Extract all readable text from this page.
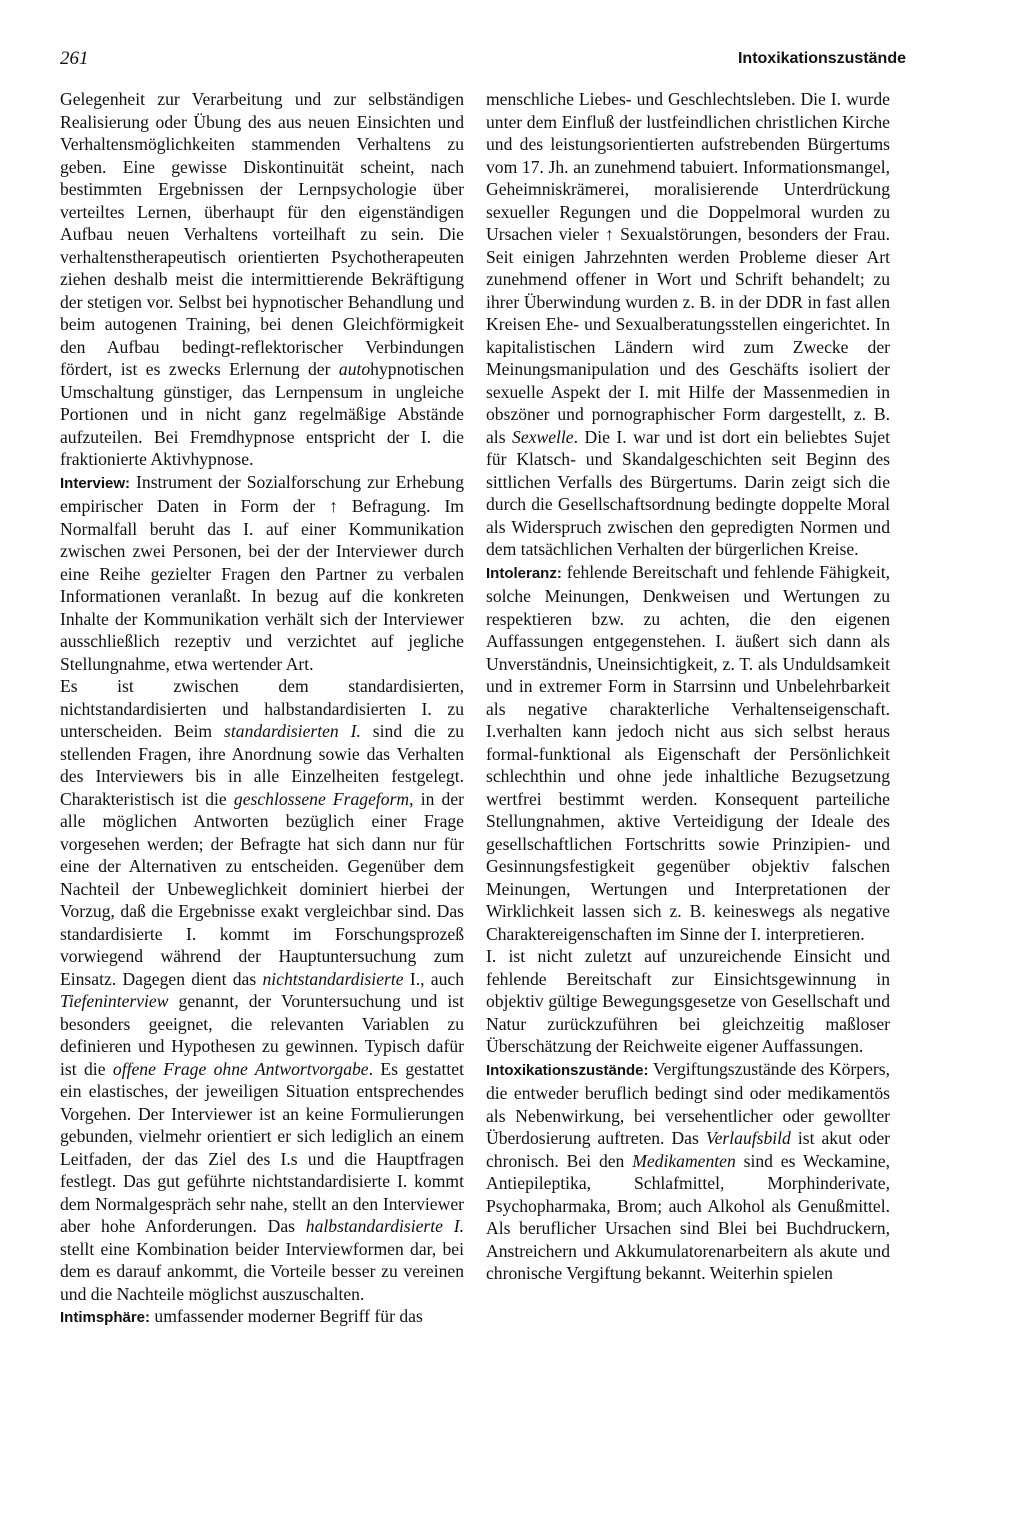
261	Intoxikationszustände

Gelegenheit zur Verarbeitung und zur selbständigen Realisierung oder Übung des aus neuen Einsichten und Verhaltensmöglichkeiten stammenden Verhaltens zu geben. Eine gewisse Diskontinuität scheint, nach bestimmten Ergebnissen der Lernpsychologie über verteiltes Lernen, überhaupt für den eigenständigen Aufbau neuen Verhaltens vorteilhaft zu sein. Die verhaltenstherapeutisch orientierten Psychotherapeuten ziehen deshalb meist die intermittierende Bekräftigung der stetigen vor. Selbst bei hypnotischer Behandlung und beim autogenen Training, bei denen Gleichförmigkeit den Aufbau bedingt-reflektorischer Verbindungen fördert, ist es zwecks Erlernung der autohypnotischen Umschaltung günstiger, das Lernpensum in ungleiche Portionen und in nicht ganz regelmäßige Abstände aufzuteilen. Bei Fremdhypnose entspricht der I. die fraktionierte Aktivhypnose.

Interview: Instrument der Sozialforschung zur Erhebung empirischer Daten in Form der ↑ Befragung. Im Normalfall beruht das I. auf einer Kommunikation zwischen zwei Personen, bei der der Interviewer durch eine Reihe gezielter Fragen den Partner zu verbalen Informationen veranlaßt. In bezug auf die konkreten Inhalte der Kommunikation verhält sich der Interviewer ausschließlich rezeptiv und verzichtet auf jegliche Stellungnahme, etwa wertender Art.

Es ist zwischen dem standardisierten, nichtstandardisierten und halbstandardisierten I. zu unterscheiden. Beim standardisierten I. sind die zu stellenden Fragen, ihre Anordnung sowie das Verhalten des Interviewers bis in alle Einzelheiten festgelegt. Charakteristisch ist die geschlossene Frageform, in der alle möglichen Antworten bezüglich einer Frage vorgesehen werden; der Befragte hat sich dann nur für eine der Alternativen zu entscheiden. Gegenüber dem Nachteil der Unbeweglichkeit dominiert hierbei der Vorzug, daß die Ergebnisse exakt vergleichbar sind. Das standardisierte I. kommt im Forschungsprozeß vorwiegend während der Hauptuntersuchung zum Einsatz. Dagegen dient das nichtstandardisierte I., auch Tiefeninterview genannt, der Voruntersuchung und ist besonders geeignet, die relevanten Variablen zu definieren und Hypothesen zu gewinnen. Typisch dafür ist die offene Frage ohne Antwortvorgabe. Es gestattet ein elastisches, der jeweiligen Situation entsprechendes Vorgehen. Der Interviewer ist an keine Formulierungen gebunden, vielmehr orientiert er sich lediglich an einem Leitfaden, der das Ziel des I.s und die Hauptfragen festlegt. Das gut geführte nichtstandardisierte I. kommt dem Normalgespräch sehr nahe, stellt an den Interviewer aber hohe Anforderungen. Das halbstandardisierte I. stellt eine Kombination beider Interviewformen dar, bei dem es darauf ankommt, die Vorteile besser zu vereinen und die Nachteile möglichst auszuschalten.

Intimsphäre: umfassender moderner Begriff für das

menschliche Liebes- und Geschlechtsleben. Die I. wurde unter dem Einfluß der lustfeindlichen christlichen Kirche und des leistungsorientierten aufstrebenden Bürgertums vom 17. Jh. an zunehmend tabuiert. Informationsmangel, Geheimniskrämerei, moralisierende Unterdrückung sexueller Regungen und die Doppelmoral wurden zu Ursachen vieler ↑ Sexualstörungen, besonders der Frau. Seit einigen Jahrzehnten werden Probleme dieser Art zunehmend offener in Wort und Schrift behandelt; zu ihrer Überwindung wurden z. B. in der DDR in fast allen Kreisen Ehe- und Sexualberatungsstellen eingerichtet. In kapitalistischen Ländern wird zum Zwecke der Meinungsmanipulation und des Geschäfts isoliert der sexuelle Aspekt der I. mit Hilfe der Massenmedien in obszöner und pornographischer Form dargestellt, z. B. als Sexwelle. Die I. war und ist dort ein beliebtes Sujet für Klatsch- und Skandalgeschichten seit Beginn des sittlichen Verfalls des Bürgertums. Darin zeigt sich die durch die Gesellschaftsordnung bedingte doppelte Moral als Widerspruch zwischen den gepredigten Normen und dem tatsächlichen Verhalten der bürgerlichen Kreise.

Intoleranz: fehlende Bereitschaft und fehlende Fähigkeit, solche Meinungen, Denkweisen und Wertungen zu respektieren bzw. zu achten, die den eigenen Auffassungen entgegenstehen. I. äußert sich dann als Unverständnis, Uneinsichtigkeit, z. T. als Unduldsamkeit und in extremer Form in Starrsinn und Unbelehrbarkeit als negative charakterliche Verhaltenseigenschaft. I.verhalten kann jedoch nicht aus sich selbst heraus formal-funktional als Eigenschaft der Persönlichkeit schlechthin und ohne jede inhaltliche Bezugsetzung wertfrei bestimmt werden. Konsequent parteiliche Stellungnahmen, aktive Verteidigung der Ideale des gesellschaftlichen Fortschritts sowie Prinzipien- und Gesinnungsfestigkeit gegenüber objektiv falschen Meinungen, Wertungen und Interpretationen der Wirklichkeit lassen sich z. B. keineswegs als negative Charaktereigenschaften im Sinne der I. interpretieren.

I. ist nicht zuletzt auf unzureichende Einsicht und fehlende Bereitschaft zur Einsichtsgewinnung in objektiv gültige Bewegungsgesetze von Gesellschaft und Natur zurückzuführen bei gleichzeitig maßloser Überschätzung der Reichweite eigener Auffassungen.

Intoxikationszustände: Vergiftungszustände des Körpers, die entweder beruflich bedingt sind oder medikamentös als Nebenwirkung, bei versehentlicher oder gewollter Überdosierung auftreten. Das Verlaufsbild ist akut oder chronisch. Bei den Medikamenten sind es Weckamine, Antiepileptika, Schlafmittel, Morphinderivate, Psychopharmaka, Brom; auch Alkohol als Genußmittel. Als beruflicher Ursachen sind Blei bei Buchdruckern, Anstreichern und Akkumulatorenarbeitern als akute und chronische Vergiftung bekannt. Weiterhin spielen
